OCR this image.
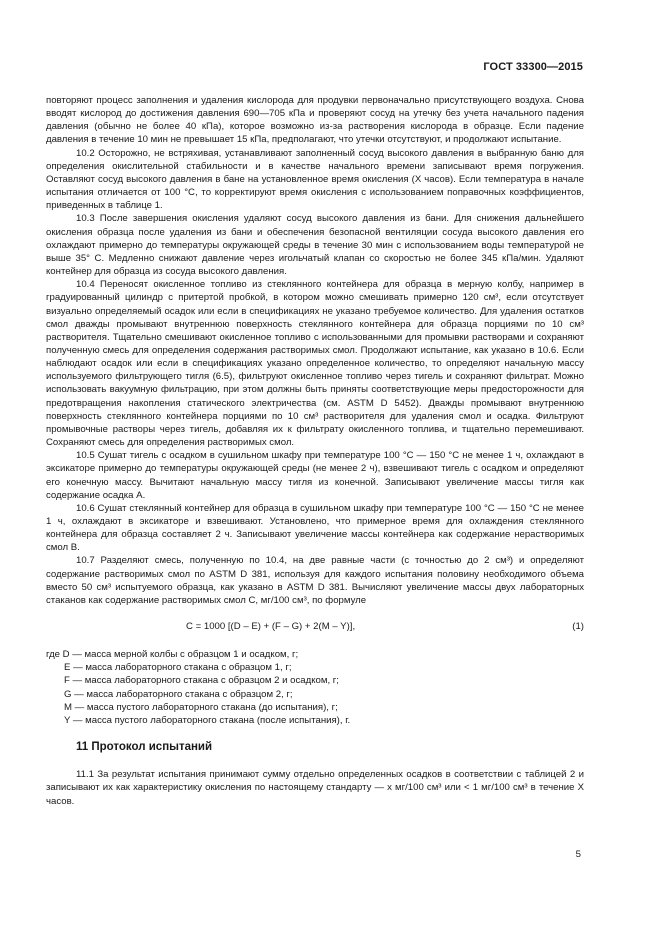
ГОСТ 33300—2015

повторяют процесс заполнения и удаления кислорода для продувки первоначально присутствующего воздуха. Снова вводят кислород до достижения давления 690—705 кПа и проверяют сосуд на утечку без учета начального падения давления (обычно не более 40 кПа), которое возможно из-за растворения кислорода в образце. Если падение давления в течение 10 мин не превышает 15 кПа, предполагают, что утечки отсутствуют, и продолжают испытание.

10.2 Осторожно, не встряхивая, устанавливают заполненный сосуд высокого давления в выбранную баню для определения окислительной стабильности и в качестве начального времени записывают время погружения. Оставляют сосуд высокого давления в бане на установленное время окисления (X часов). Если температура в начале испытания отличается от 100 °C, то корректируют время окисления с использованием поправочных коэффициентов, приведенных в таблице 1.

10.3 После завершения окисления удаляют сосуд высокого давления из бани. Для снижения дальнейшего окисления образца после удаления из бани и обеспечения безопасной вентиляции сосуда высокого давления его охлаждают примерно до температуры окружающей среды в течение 30 мин с использованием воды температурой не выше 35° С. Медленно снижают давление через игольчатый клапан со скоростью не более 345 кПа/мин. Удаляют контейнер для образца из сосуда высокого давления.

10.4 Переносят окисленное топливо из стеклянного контейнера для образца в мерную колбу, например в градуированный цилиндр с притертой пробкой, в котором можно смешивать примерно 120 см³, если отсутствует визуально определяемый осадок или если в спецификациях не указано требуемое количество. Для удаления остатков смол дважды промывают внутреннюю поверхность стеклянного контейнера для образца порциями по 10 см³ растворителя. Тщательно смешивают окисленное топливо с использованными для промывки растворами и сохраняют полученную смесь для определения содержания растворимых смол. Продолжают испытание, как указано в 10.6. Если наблюдают осадок или если в спецификациях указано определенное количество, то определяют начальную массу используемого фильтрующего тигля (6.5), фильтруют окисленное топливо через тигель и сохраняют фильтрат. Можно использовать вакуумную фильтрацию, при этом должны быть приняты соответствующие меры предосторожности для предотвращения накопления статического электричества (см. ASTM D 5452). Дважды промывают внутреннюю поверхность стеклянного контейнера порциями по 10 см³ растворителя для удаления смол и осадка. Фильтруют промывочные растворы через тигель, добавляя их к фильтрату окисленного топлива, и тщательно перемешивают. Сохраняют смесь для определения растворимых смол.

10.5 Сушат тигель с осадком в сушильном шкафу при температуре 100 °C — 150 °C не менее 1 ч, охлаждают в эксикаторе примерно до температуры окружающей среды (не менее 2 ч), взвешивают тигель с осадком и определяют его конечную массу. Вычитают начальную массу тигля из конечной. Записывают увеличение массы тигля как содержание осадка A.

10.6 Сушат стеклянный контейнер для образца в сушильном шкафу при температуре 100 °C — 150 °C не менее 1 ч, охлаждают в эксикаторе и взвешивают. Установлено, что примерное время для охлаждения стеклянного контейнера для образца составляет 2 ч. Записывают увеличение массы контейнера как содержание нерастворимых смол B.

10.7 Разделяют смесь, полученную по 10.4, на две равные части (с точностью до 2 см³) и определяют содержание растворимых смол по ASTM D 381, используя для каждого испытания половину необходимого объема вместо 50 см³ испытуемого образца, как указано в ASTM D 381. Вычисляют увеличение массы двух лабораторных стаканов как содержание растворимых смол C, мг/100 см³, по формуле

C = 1000 [(D – E) + (F – G) + 2(M – Y)],	(1)
где D — масса мерной колбы с образцом 1 и осадком, г;
E — масса лабораторного стакана с образцом 1, г;
F — масса лабораторного стакана с образцом 2 и осадком, г;
G — масса лабораторного стакана с образцом 2, г;
M — масса пустого лабораторного стакана (до испытания), г;
Y — масса пустого лабораторного стакана (после испытания), г.
11 Протокол испытаний

11.1 За результат испытания принимают сумму отдельно определенных осадков в соответствии с таблицей 2 и записывают их как характеристику окисления по настоящему стандарту — x мг/100 см³ или < 1 мг/100 см³ в течение X часов.

5
